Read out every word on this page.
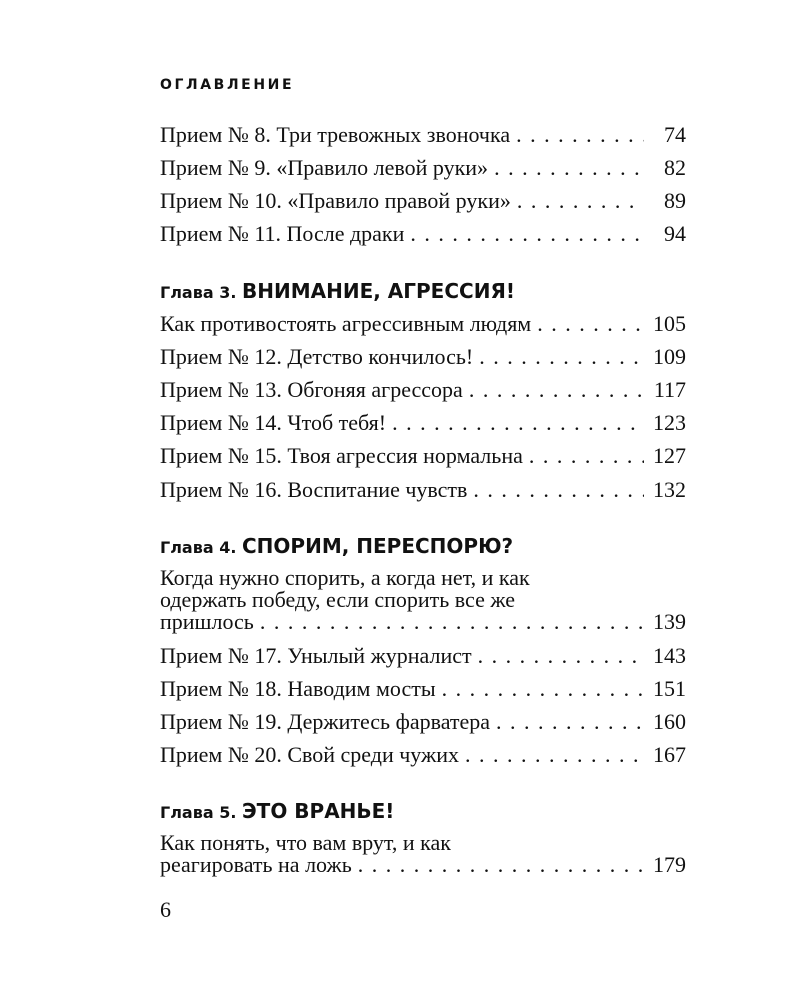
ОГЛАВЛЕНИЕ
Прием № 8. Три тревожных звоночка . . .	74
Прием № 9. «Правило левой руки» . . .	82
Прием № 10. «Правило правой руки» . . .	89
Прием № 11. После драки . . .	94
Глава 3. ВНИМАНИЕ, АГРЕССИЯ!
Как противостоять агрессивным людям . . .	105
Прием № 12. Детство кончилось! . . .	109
Прием № 13. Обгоняя агрессора . . .	117
Прием № 14. Чтоб тебя! . . .	123
Прием № 15. Твоя агрессия нормальна . . .	127
Прием № 16. Воспитание чувств . . .	132
Глава 4. СПОРИМ, ПЕРЕСПОРЮ?
Когда нужно спорить, а когда нет, и как
одержать победу, если спорить все же
пришлось . . .	139
Прием № 17. Унылый журналист . . .	143
Прием № 18. Наводим мосты . . .	151
Прием № 19. Держитесь фарватера . . .	160
Прием № 20. Свой среди чужих . . .	167
Глава 5. ЭТО ВРАНЬЕ!
Как понять, что вам врут, и как
реагировать на ложь . . .	179
6
